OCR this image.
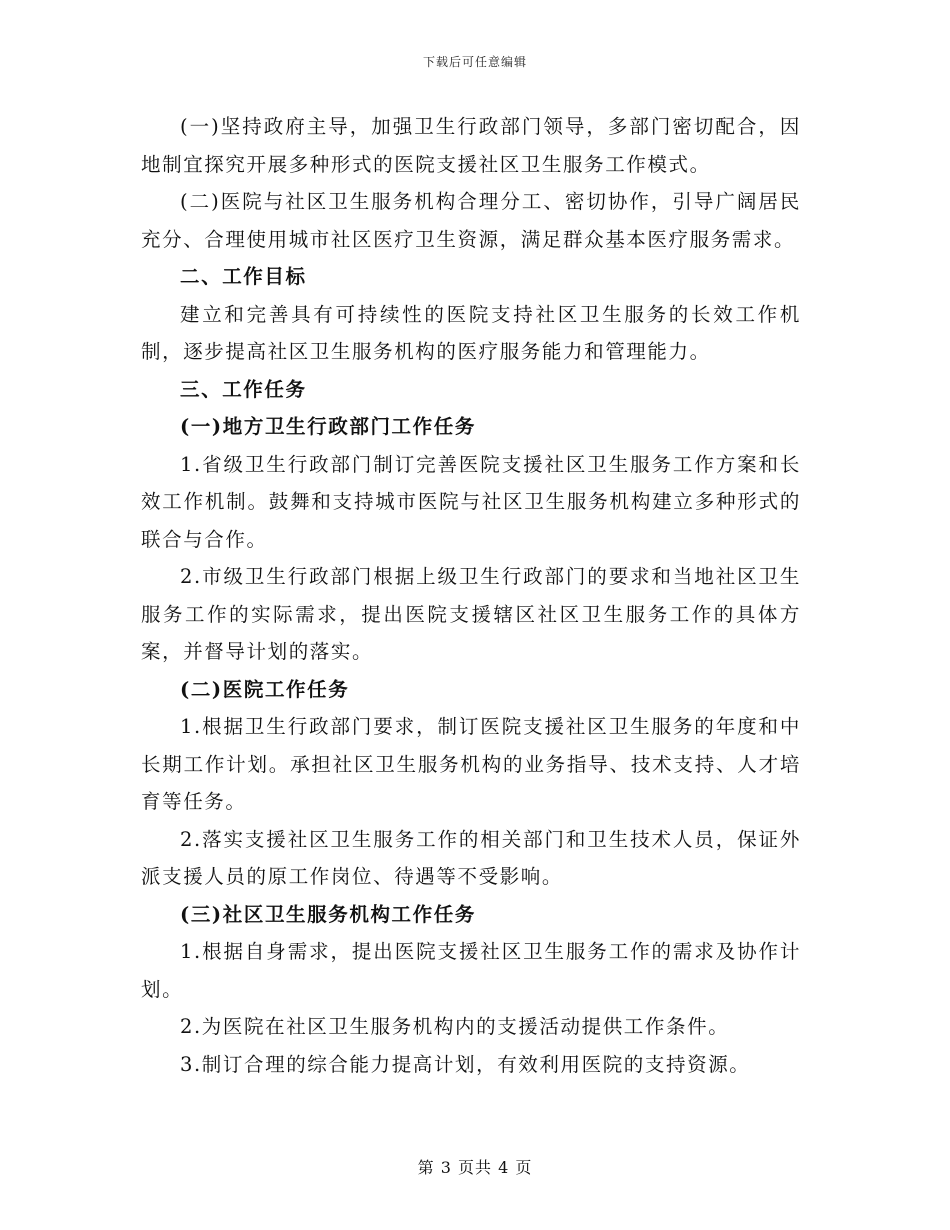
下载后可任意编辑

(一)坚持政府主导，加强卫生行政部门领导，多部门密切配合，因地制宜探究开展多种形式的医院支援社区卫生服务工作模式。

(二)医院与社区卫生服务机构合理分工、密切协作，引导广阔居民充分、合理使用城市社区医疗卫生资源，满足群众基本医疗服务需求。

二、工作目标

建立和完善具有可持续性的医院支持社区卫生服务的长效工作机制，逐步提高社区卫生服务机构的医疗服务能力和管理能力。

三、工作任务

(一)地方卫生行政部门工作任务

1.省级卫生行政部门制订完善医院支援社区卫生服务工作方案和长效工作机制。鼓舞和支持城市医院与社区卫生服务机构建立多种形式的联合与合作。

2.市级卫生行政部门根据上级卫生行政部门的要求和当地社区卫生服务工作的实际需求，提出医院支援辖区社区卫生服务工作的具体方案，并督导计划的落实。

(二)医院工作任务

1.根据卫生行政部门要求，制订医院支援社区卫生服务的年度和中长期工作计划。承担社区卫生服务机构的业务指导、技术支持、人才培育等任务。

2.落实支援社区卫生服务工作的相关部门和卫生技术人员，保证外派支援人员的原工作岗位、待遇等不受影响。

(三)社区卫生服务机构工作任务

1.根据自身需求，提出医院支援社区卫生服务工作的需求及协作计划。

2.为医院在社区卫生服务机构内的支援活动提供工作条件。

3.制订合理的综合能力提高计划，有效利用医院的支持资源。

第 3 页共 4 页
